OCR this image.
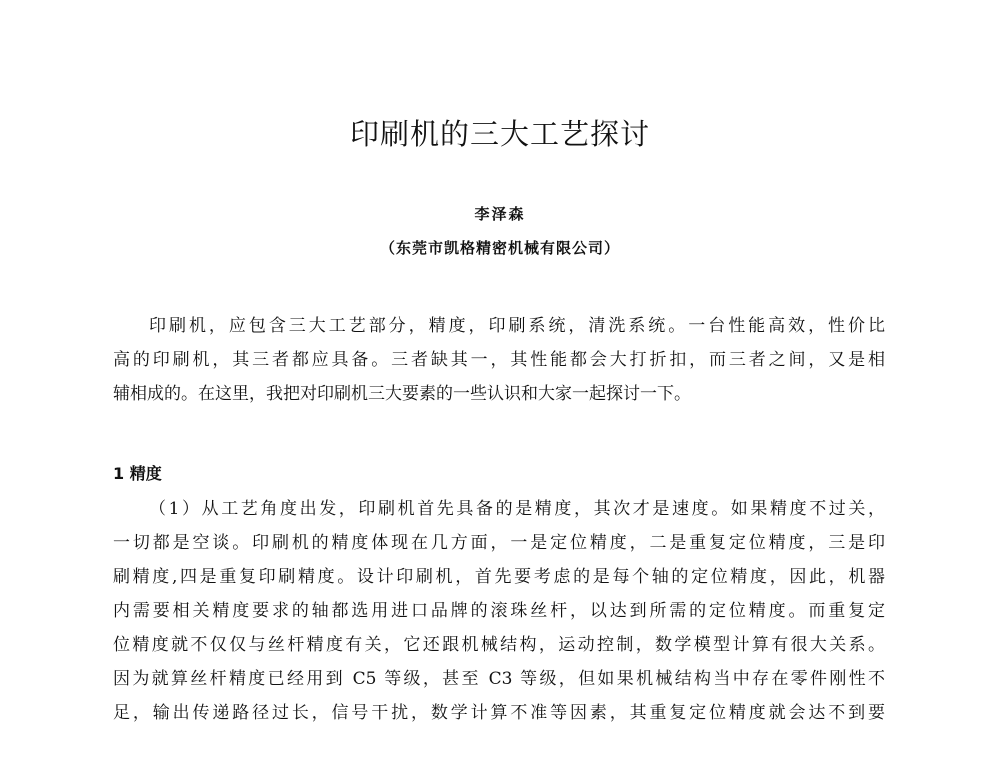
印刷机的三大工艺探讨
李泽森
（东莞市凯格精密机械有限公司）
印刷机，应包含三大工艺部分，精度，印刷系统，清洗系统。一台性能高效，性价比
高的印刷机，其三者都应具备。三者缺其一，其性能都会大打折扣，而三者之间，又是相
辅相成的。在这里，我把对印刷机三大要素的一些认识和大家一起探讨一下。
1 精度
（1）从工艺角度出发，印刷机首先具备的是精度，其次才是速度。如果精度不过关，
一切都是空谈。印刷机的精度体现在几方面，一是定位精度，二是重复定位精度，三是印
刷精度,四是重复印刷精度。设计印刷机，首先要考虑的是每个轴的定位精度，因此，机器
内需要相关精度要求的轴都选用进口品牌的滚珠丝杆，以达到所需的定位精度。而重复定
位精度就不仅仅与丝杆精度有关，它还跟机械结构，运动控制，数学模型计算有很大关系。
因为就算丝杆精度已经用到 C5 等级，甚至 C3 等级，但如果机械结构当中存在零件刚性不
足，输出传递路径过长，信号干扰，数学计算不准等因素，其重复定位精度就会达不到要
